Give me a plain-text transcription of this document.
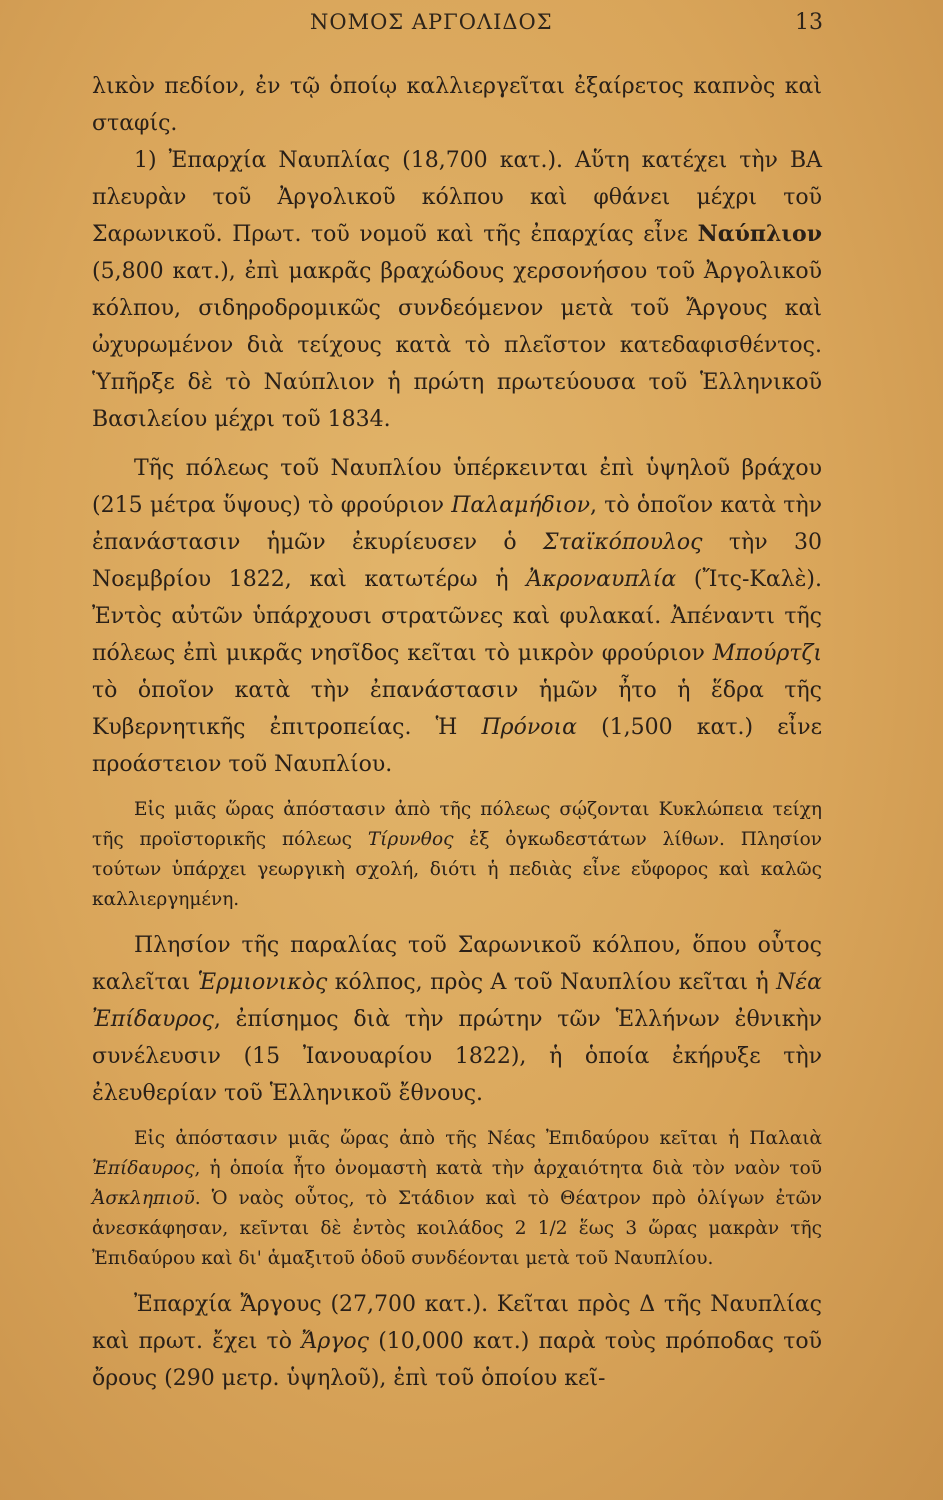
ΝΟΜΟΣ ΑΡΓΟΛΙΔΟΣ	13

λικὸν πεδίον, ἐν τῷ ὁποίῳ καλλιεργεῖται ἐξαίρετος καπνὸς καὶ σταφίς.

1) Ἐπαρχία Ναυπλίας (18,700 κατ.). Αὕτη κατέχει τὴν ΒΑ πλευρὰν τοῦ Ἀργολικοῦ κόλπου καὶ φθάνει μέχρι τοῦ Σαρωνικοῦ. Πρωτ. τοῦ νομοῦ καὶ τῆς ἐπαρχίας εἶνε Ναύπλιον (5,800 κατ.), ἐπὶ μακρᾶς βραχώδους χερσονήσου τοῦ Ἀργολικοῦ κόλπου, σιδηροδρομικῶς συνδεόμενον μετὰ τοῦ Ἄργους καὶ ὠχυρωμένον διὰ τείχους κατὰ τὸ πλεῖστον κατεδαφισθέντος. Ὑπῆρξε δὲ τὸ Ναύπλιον ἡ πρώτη πρωτεύουσα τοῦ Ἑλληνικοῦ Βασιλείου μέχρι τοῦ 1834.

Τῆς πόλεως τοῦ Ναυπλίου ὑπέρκεινται ἐπὶ ὑψηλοῦ βράχου (215 μέτρα ὕψους) τὸ φρούριον Παλαμήδιον, τὸ ὁποῖον κατὰ τὴν ἐπανάστασιν ἡμῶν ἐκυρίευσεν ὁ Σταϊκόπουλος τὴν 30 Νοεμβρίου 1822, καὶ κατωτέρω ἡ Ἀκροναυπλία (Ἴτς-Καλὲ). Ἐντὸς αὐτῶν ὑπάρχουσι στρατῶνες καὶ φυλακαί. Ἀπέναντι τῆς πόλεως ἐπὶ μικρᾶς νησῖδος κεῖται τὸ μικρὸν φρούριον Μπούρτζι τὸ ὁποῖον κατὰ τὴν ἐπανάστασιν ἡμῶν ἦτο ἡ ἕδρα τῆς Κυβερνητικῆς ἐπιτροπείας. Ἡ Πρόνοια (1,500 κατ.) εἶνε προάστειον τοῦ Ναυπλίου.

Εἰς μιᾶς ὥρας ἀπόστασιν ἀπὸ τῆς πόλεως σῴζονται Κυκλώπεια τείχη τῆς προϊστορικῆς πόλεως Τίρυνθος ἐξ ὀγκωδεστάτων λίθων. Πλησίον τούτων ὑπάρχει γεωργικὴ σχολή, διότι ἡ πεδιὰς εἶνε εὔφορος καὶ καλῶς καλλιεργημένη.

Πλησίον τῆς παραλίας τοῦ Σαρωνικοῦ κόλπου, ὅπου οὗτος καλεῖται Ἑρμιονικὸς κόλπος, πρὸς Α τοῦ Ναυπλίου κεῖται ἡ Νέα Ἐπίδαυρος, ἐπίσημος διὰ τὴν πρώτην τῶν Ἑλλήνων ἐθνικὴν συνέλευσιν (15 Ἰανουαρίου 1822), ἡ ὁποία ἐκήρυξε τὴν ἐλευθερίαν τοῦ Ἑλληνικοῦ ἔθνους.

Εἰς ἀπόστασιν μιᾶς ὥρας ἀπὸ τῆς Νέας Ἐπιδαύρου κεῖται ἡ Παλαιὰ Ἐπίδαυρος, ἡ ὁποία ἦτο ὀνομαστὴ κατὰ τὴν ἀρχαιότητα διὰ τὸν ναὸν τοῦ Ἀσκληπιοῦ. Ὁ ναὸς οὗτος, τὸ Στάδιον καὶ τὸ Θέατρον πρὸ ὀλίγων ἐτῶν ἀνεσκάφησαν, κεῖνται δὲ ἐντὸς κοιλάδος 2 1/2 ἕως 3 ὥρας μακρὰν τῆς Ἐπιδαύρου καὶ δι' ἁμαξιτοῦ ὁδοῦ συνδέονται μετὰ τοῦ Ναυπλίου.

Ἐπαρχία Ἄργους (27,700 κατ.). Κεῖται πρὸς Δ τῆς Ναυπλίας καὶ πρωτ. ἔχει τὸ Ἄργος (10,000 κατ.) παρὰ τοὺς πρόποδας τοῦ ὄρους (290 μετρ. ὑψηλοῦ), ἐπὶ τοῦ ὁποίου κεῖ-
